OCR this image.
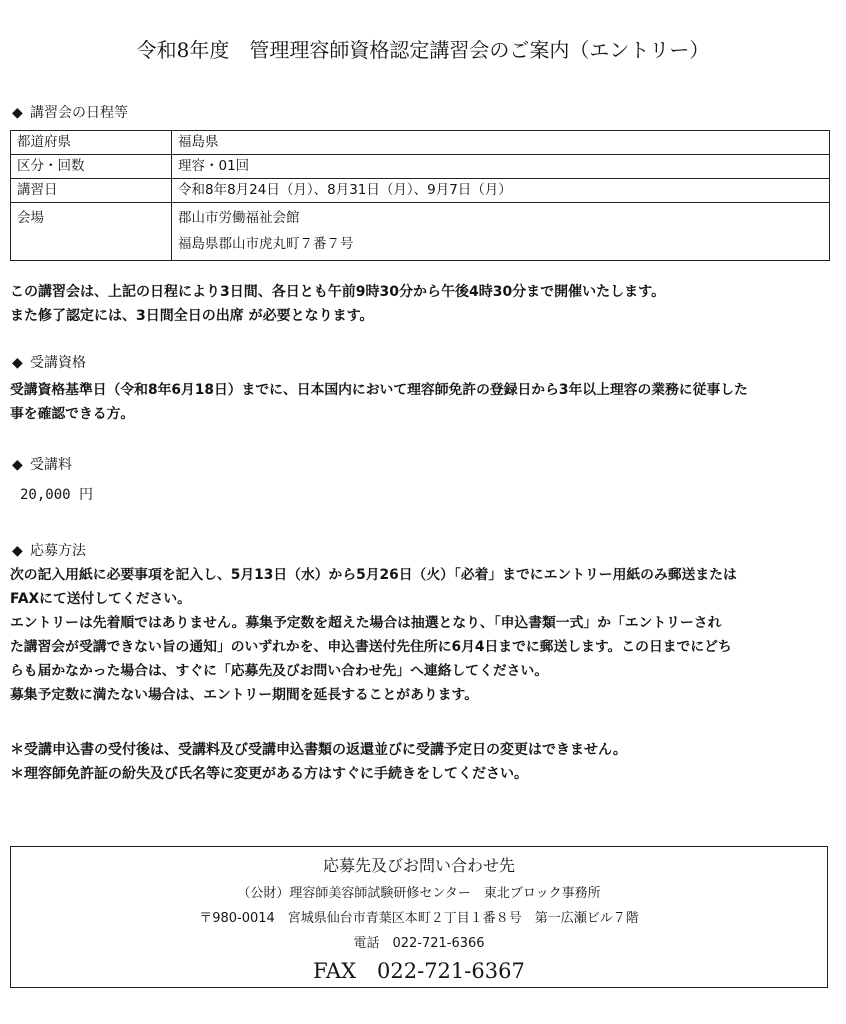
令和8年度　管理理容師資格認定講習会のご案内（エントリー）
◆ 講習会の日程等
都道府県	福島県
区分・回数	理容・01回
講習日	令和8年8月24日（月）、8月31日（月）、9月7日（月）
会場	郡山市労働福祉会館
福島県郡山市虎丸町７番７号
この講習会は、上記の日程により3日間、各日とも午前9時30分から午後4時30分まで開催いたします。
また修了認定には、3日間全日の出席 が必要となります。
◆ 受講資格
受講資格基準日（令和8年6月18日）までに、日本国内において理容師免許の登録日から3年以上理容の業務に従事した
事を確認できる方。
◆ 受講料
20,000 円
◆ 応募方法
次の記入用紙に必要事項を記入し、5月13日（水）から5月26日（火）「必着」までにエントリー用紙のみ郵送または
FAXにて送付してください。
エントリーは先着順ではありません。募集予定数を超えた場合は抽選となり、「申込書類一式」か「エントリーされ
た講習会が受講できない旨の通知」のいずれかを、申込書送付先住所に6月4日までに郵送します。この日までにどち
らも届かなかった場合は、すぐに「応募先及びお問い合わせ先」へ連絡してください。
募集予定数に満たない場合は、エントリー期間を延長することがあります。
＊受講申込書の受付後は、受講料及び受講申込書類の返還並びに受講予定日の変更はできません。
＊理容師免許証の紛失及び氏名等に変更がある方はすぐに手続きをしてください。
応募先及びお問い合わせ先
（公財）理容師美容師試験研修センター　東北ブロック事務所
〒980-0014　宮城県仙台市青葉区本町２丁目１番８号　第一広瀬ビル７階
電話　022-721-6366
FAX　022-721-6367
